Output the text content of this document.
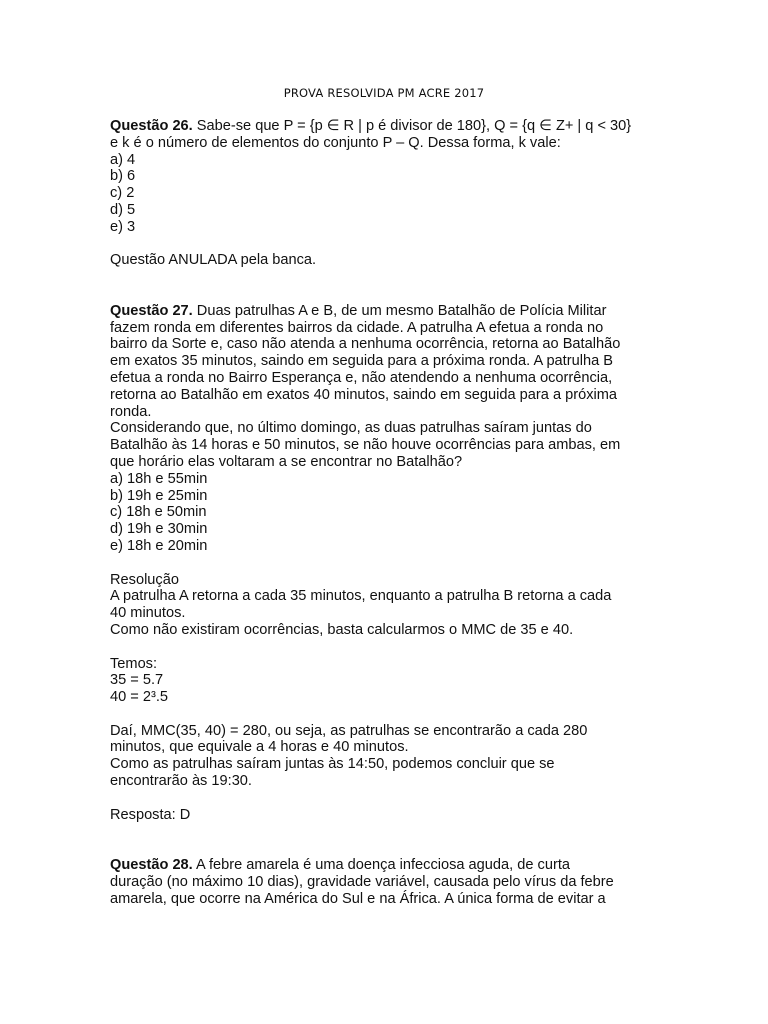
PROVA RESOLVIDA PM ACRE 2017
Questão 26. Sabe-se que P = {p ∈ R | p é divisor de 180}, Q = {q ∈ Z+ | q < 30}
e k é o número de elementos do conjunto P – Q. Dessa forma, k vale:
a) 4
b) 6
c) 2
d) 5
e) 3
Questão ANULADA pela banca.
Questão 27. Duas patrulhas A e B, de um mesmo Batalhão de Polícia Militar
fazem ronda em diferentes bairros da cidade. A patrulha A efetua a ronda no
bairro da Sorte e, caso não atenda a nenhuma ocorrência, retorna ao Batalhão
em exatos 35 minutos, saindo em seguida para a próxima ronda. A patrulha B
efetua a ronda no Bairro Esperança e, não atendendo a nenhuma ocorrência,
retorna ao Batalhão em exatos 40 minutos, saindo em seguida para a próxima
ronda.
Considerando que, no último domingo, as duas patrulhas saíram juntas do
Batalhão às 14 horas e 50 minutos, se não houve ocorrências para ambas, em
que horário elas voltaram a se encontrar no Batalhão?
a) 18h e 55min
b) 19h e 25min
c) 18h e 50min
d) 19h e 30min
e) 18h e 20min
Resolução
A patrulha A retorna a cada 35 minutos, enquanto a patrulha B retorna a cada
40 minutos.
Como não existiram ocorrências, basta calcularmos o MMC de 35 e 40.
Temos:
35 = 5.7
40 = 2³.5
Daí, MMC(35, 40) = 280, ou seja, as patrulhas se encontrarão a cada 280
minutos, que equivale a 4 horas e 40 minutos.
Como as patrulhas saíram juntas às 14:50, podemos concluir que se
encontrarão às 19:30.
Resposta: D
Questão 28. A febre amarela é uma doença infecciosa aguda, de curta
duração (no máximo 10 dias), gravidade variável, causada pelo vírus da febre
amarela, que ocorre na América do Sul e na África. A única forma de evitar a
